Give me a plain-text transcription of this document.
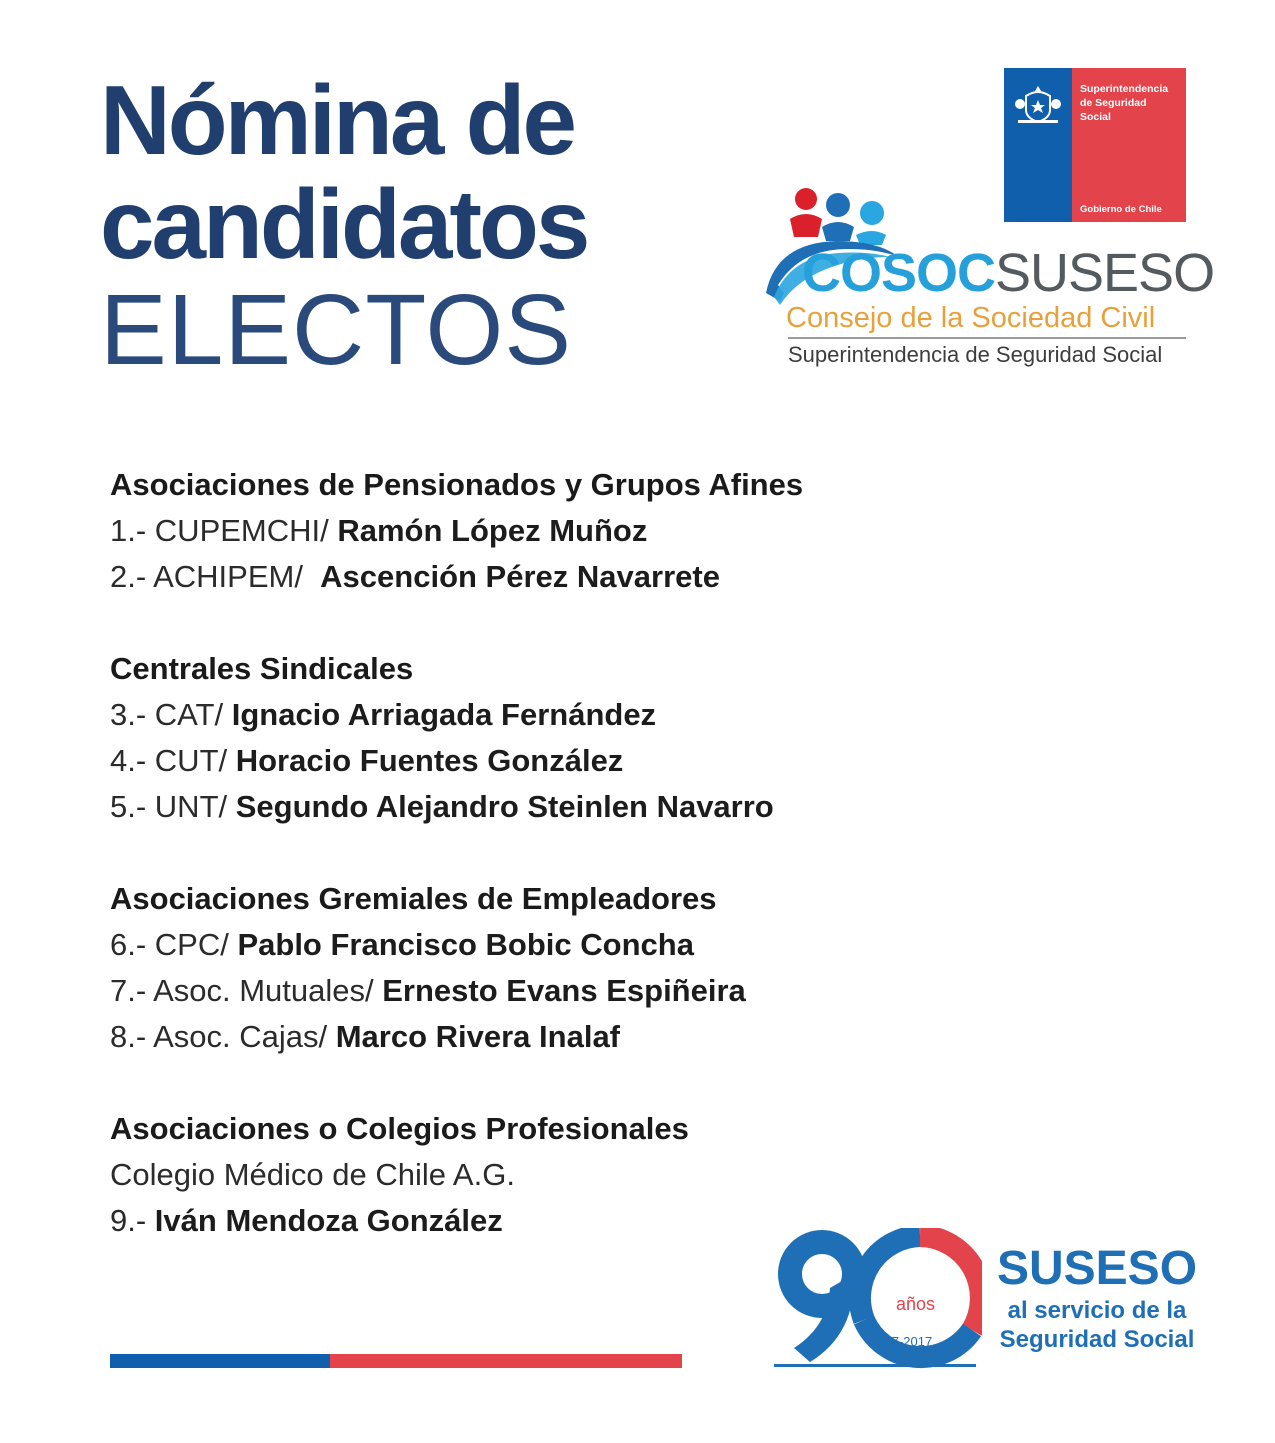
Nómina de
candidatos
ELECTOS
Superintendencia
de Seguridad
Social
Gobierno de Chile
COSOC SUSESO
Consejo de la Sociedad Civil
Superintendencia de Seguridad Social
Asociaciones de Pensionados y Grupos Afines
1.- CUPEMCHI/ Ramón López Muñoz
2.- ACHIPEM/  Ascención Pérez Navarrete
Centrales Sindicales
3.- CAT/ Ignacio Arriagada Fernández
4.- CUT/ Horacio Fuentes González
5.- UNT/ Segundo Alejandro Steinlen Navarro
Asociaciones Gremiales de Empleadores
6.- CPC/ Pablo Francisco Bobic Concha
7.- Asoc. Mutuales/ Ernesto Evans Espiñeira
8.- Asoc. Cajas/ Marco Rivera Inalaf
Asociaciones o Colegios Profesionales
Colegio Médico de Chile A.G.
9.- Iván Mendoza González
años
1927-2017
SUSESO
al servicio de la
Seguridad Social
